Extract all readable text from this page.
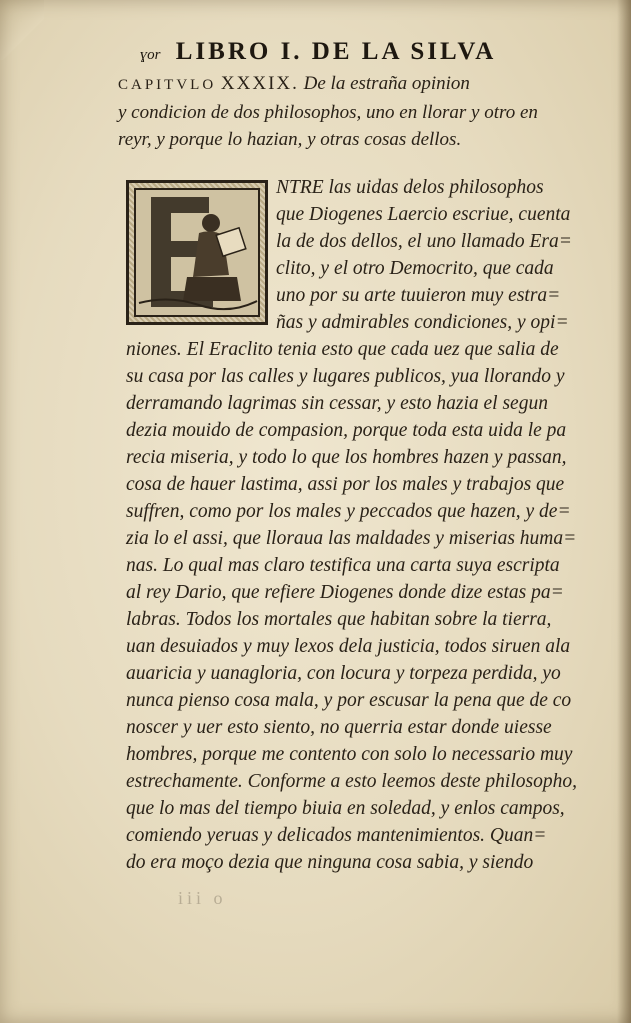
ɣor LIBRO I. DE LA SILVA
CAPITVLO XXXIX. De la estraña opinion
y condicion de dos philosophos, uno en llorar y otro en
reyr, y porque lo hazian, y otras cosas dellos.
NTRE las uidas delos philosophos
que Diogenes Laercio escriue, cuenta
la de dos dellos, el uno llamado Era=
clito, y el otro Democrito, que cada
uno por su arte tuuieron muy estra=
ñas y admirables condiciones, y opi=
niones. El Eraclito tenia esto que cada uez que salia de
su casa por las calles y lugares publicos, yua llorando y
derramando lagrimas sin cessar, y esto hazia el segun
dezia mouido de compasion, porque toda esta uida le pa
recia miseria, y todo lo que los hombres hazen y passan,
cosa de hauer lastima, assi por los males y trabajos que
suffren, como por los males y peccados que hazen, y de=
zia lo el assi, que lloraua las maldades y miserias huma=
nas. Lo qual mas claro testifica una carta suya escripta
al rey Dario, que refiere Diogenes donde dize estas pa=
labras. Todos los mortales que habitan sobre la tierra,
uan desuiados y muy lexos dela justicia, todos siruen ala
auaricia y uanagloria, con locura y torpeza perdida, yo
nunca pienso cosa mala, y por escusar la pena que de co
noscer y uer esto siento, no querria estar donde uiesse
hombres, porque me contento con solo lo necessario muy
estrechamente. Conforme a esto leemos deste philosopho,
que lo mas del tiempo biuia en soledad, y enlos campos,
comiendo yeruas y delicados mantenimientos. Quan=
do era moço dezia que ninguna cosa sabia, y siendo
iii o
